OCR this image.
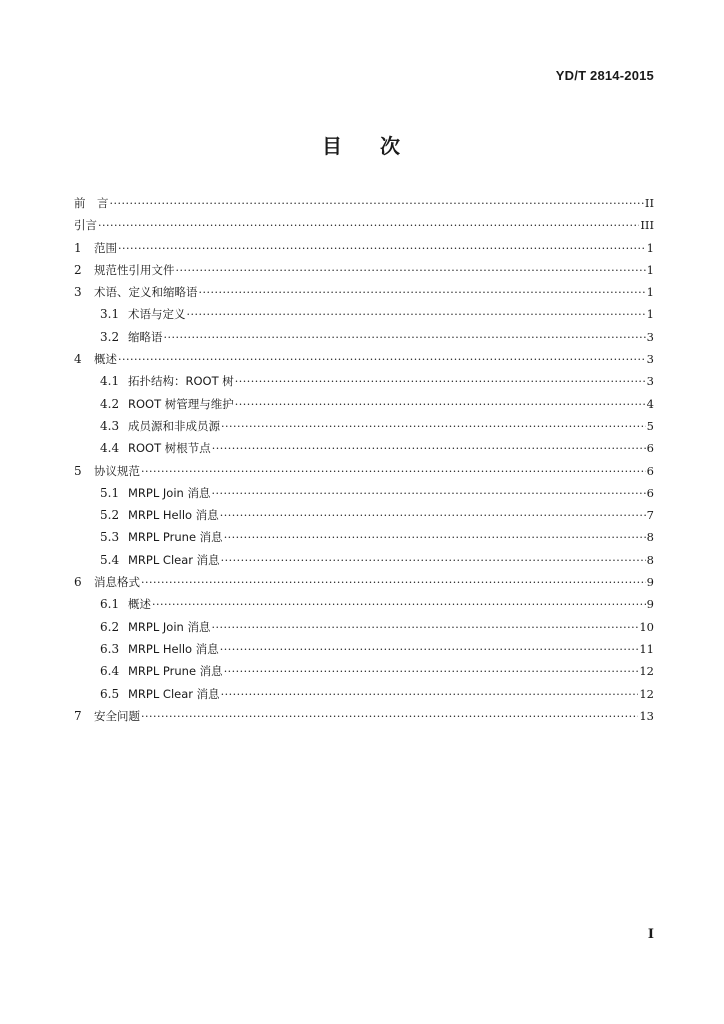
YD/T 2814-2015
目 次
前　言 ·····	II
引言 ·····	III
1	范围 ·····	1
2	规范性引用文件 ·····	1
3	术语、定义和缩略语 ·····	1
3.1 术语与定义 ·····	1
3.2 缩略语 ·····	3
4	概述 ·····	3
4.1 拓扑结构：ROOT 树 ·····	3
4.2 ROOT 树管理与维护 ·····	4
4.3 成员源和非成员源 ·····	5
4.4 ROOT 树根节点 ·····	6
5	协议规范 ·····	6
5.1 MRPL Join 消息 ·····	6
5.2 MRPL Hello 消息 ·····	7
5.3 MRPL Prune 消息 ·····	8
5.4 MRPL Clear 消息 ·····	8
6	消息格式 ·····	9
6.1 概述 ·····	9
6.2 MRPL Join 消息 ·····	10
6.3 MRPL Hello 消息 ·····	11
6.4 MRPL Prune 消息 ·····	12
6.5 MRPL Clear 消息 ·····	12
7	安全问题 ·····	13
I
